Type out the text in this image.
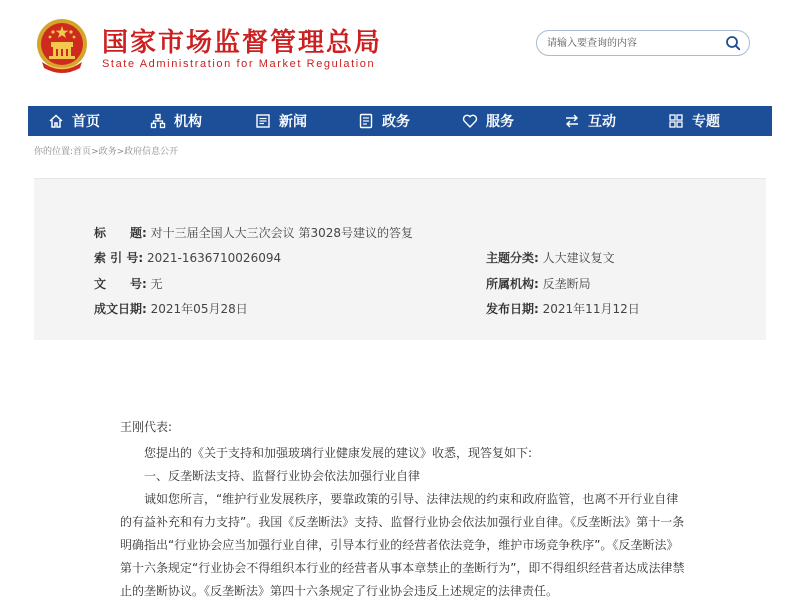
国家市场监督管理总局
State Administration for Market Regulation
请输入要查询的内容
首页	机构	新闻	政务	服务	互动	专题
你的位置:首页>政务>政府信息公开
标　　题: 对十三届全国人大三次会议 第3028号建议的答复
索 引 号: 2021-1636710026094	主题分类: 人大建议复文
文　　号: 无	所属机构: 反垄断局
成文日期: 2021年05月28日	发布日期: 2021年11月12日
王刚代表:
您提出的《关于支持和加强玻璃行业健康发展的建议》收悉，现答复如下:
一、反垄断法支持、监督行业协会依法加强行业自律
诚如您所言，“维护行业发展秩序，要靠政策的引导、法律法规的约束和政府监管，也离不开行业自律的有益补充和有力支持”。我国《反垄断法》支持、监督行业协会依法加强行业自律。《反垄断法》第十一条明确指出“行业协会应当加强行业自律，引导本行业的经营者依法竞争，维护市场竞争秩序”。《反垄断法》第十六条规定“行业协会不得组织本行业的经营者从事本章禁止的垄断行为”，即不得组织经营者达成法律禁止的垄断协议。《反垄断法》第四十六条规定了行业协会违反上述规定的法律责任。
